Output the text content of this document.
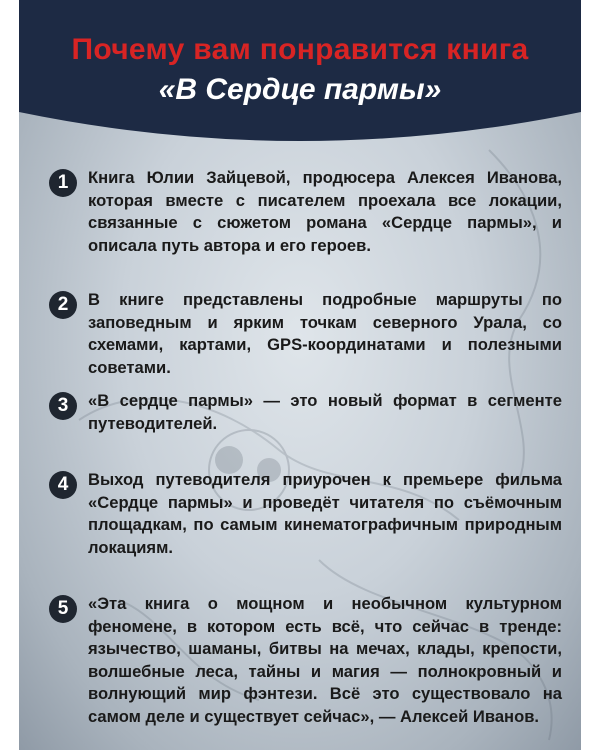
Почему вам понравится книга
«В Сердце пармы»
1	Книга Юлии Зайцевой, продюсера Алексея Иванова, которая вместе с писателем проехала все локации, связанные с сюжетом романа «Сердце пармы», и описала путь автора и его героев.
2	В книге представлены подробные маршруты по заповедным и ярким точкам северного Урала, со схемами, картами, GPS-координатами и полезными советами.
3	«В сердце пармы» — это новый формат в сегменте путеводителей.
4	Выход путеводителя приурочен к премьере фильма «Сердце пармы» и проведёт читателя по съёмочным площадкам, по самым кинематографичным природным локациям.
5	«Эта книга о мощном и необычном культурном феномене, в котором есть всё, что сейчас в тренде: язычество, шаманы, битвы на мечах, клады, крепости, волшебные леса, тайны и магия — полнокровный и волнующий мир фэнтези. Всё это существовало на самом деле и существует сейчас», — Алексей Иванов.
